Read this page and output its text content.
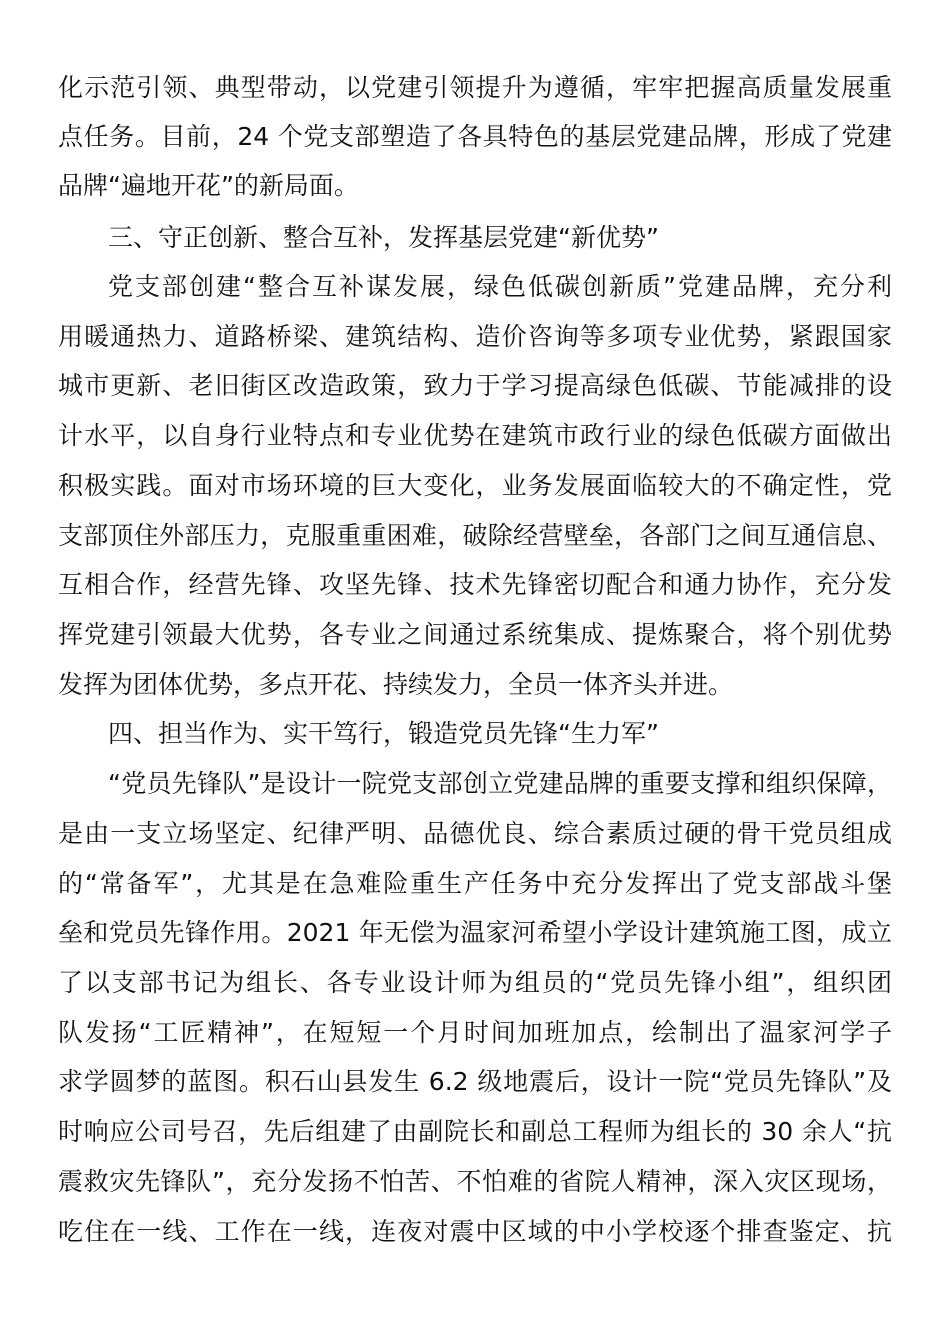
化示范引领、典型带动，以党建引领提升为遵循，牢牢把握高质量发展重
点任务。目前，24 个党支部塑造了各具特色的基层党建品牌，形成了党建
品牌“遍地开花”的新局面。
三、守正创新、整合互补，发挥基层党建“新优势”
党支部创建“整合互补谋发展，绿色低碳创新质”党建品牌，充分利
用暖通热力、道路桥梁、建筑结构、造价咨询等多项专业优势，紧跟国家
城市更新、老旧街区改造政策，致力于学习提高绿色低碳、节能减排的设
计水平，以自身行业特点和专业优势在建筑市政行业的绿色低碳方面做出
积极实践。面对市场环境的巨大变化，业务发展面临较大的不确定性，党
支部顶住外部压力，克服重重困难，破除经营壁垒，各部门之间互通信息、
互相合作，经营先锋、攻坚先锋、技术先锋密切配合和通力协作，充分发
挥党建引领最大优势，各专业之间通过系统集成、提炼聚合，将个别优势
发挥为团体优势，多点开花、持续发力，全员一体齐头并进。
四、担当作为、实干笃行，锻造党员先锋“生力军”
“党员先锋队”是设计一院党支部创立党建品牌的重要支撑和组织保障，
是由一支立场坚定、纪律严明、品德优良、综合素质过硬的骨干党员组成
的“常备军”，尤其是在急难险重生产任务中充分发挥出了党支部战斗堡
垒和党员先锋作用。2021 年无偿为温家河希望小学设计建筑施工图，成立
了以支部书记为组长、各专业设计师为组员的“党员先锋小组”，组织团
队发扬“工匠精神”，在短短一个月时间加班加点，绘制出了温家河学子
求学圆梦的蓝图。积石山县发生 6.2 级地震后，设计一院“党员先锋队”及
时响应公司号召，先后组建了由副院长和副总工程师为组长的 30 余人“抗
震救灾先锋队”，充分发扬不怕苦、不怕难的省院人精神，深入灾区现场，
吃住在一线、工作在一线，连夜对震中区域的中小学校逐个排查鉴定、抗
